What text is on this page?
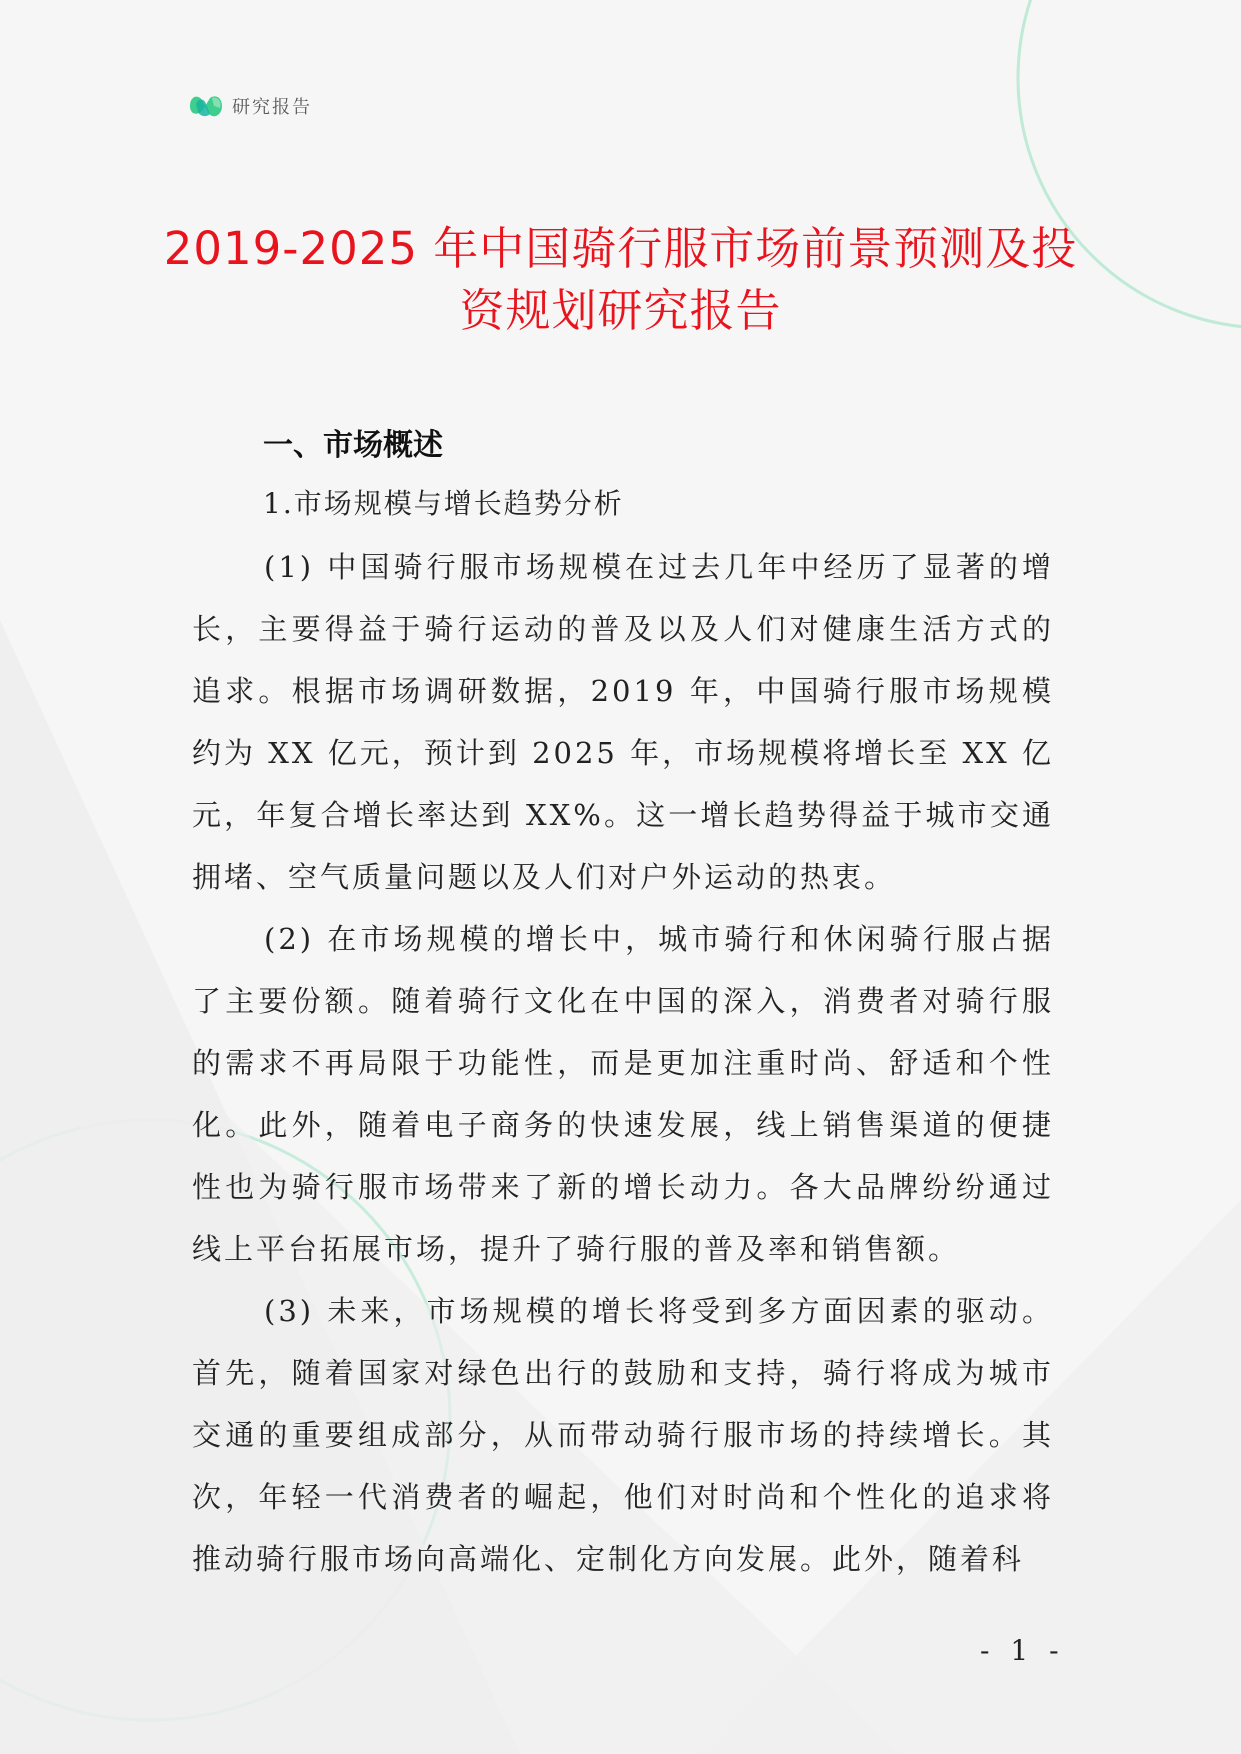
研究报告
2019-2025 年中国骑行服市场前景预测及投
资规划研究报告
一、市场概述
1.市场规模与增长趋势分析

(1) 中国骑行服市场规模在过去几年中经历了显著的增长，主要得益于骑行运动的普及以及人们对健康生活方式的追求。根据市场调研数据，2019 年，中国骑行服市场规模约为 XX 亿元，预计到 2025 年，市场规模将增长至 XX 亿元，年复合增长率达到 XX%。这一增长趋势得益于城市交通拥堵、空气质量问题以及人们对户外运动的热衷。

(2) 在市场规模的增长中，城市骑行和休闲骑行服占据了主要份额。随着骑行文化在中国的深入，消费者对骑行服的需求不再局限于功能性，而是更加注重时尚、舒适和个性化。此外，随着电子商务的快速发展，线上销售渠道的便捷性也为骑行服市场带来了新的增长动力。各大品牌纷纷通过线上平台拓展市场，提升了骑行服的普及率和销售额。

(3) 未来，市场规模的增长将受到多方面因素的驱动。首先，随着国家对绿色出行的鼓励和支持，骑行将成为城市交通的重要组成部分，从而带动骑行服市场的持续增长。其次，年轻一代消费者的崛起，他们对时尚和个性化的追求将推动骑行服市场向高端化、定制化方向发展。此外，随着科

- 1 -
